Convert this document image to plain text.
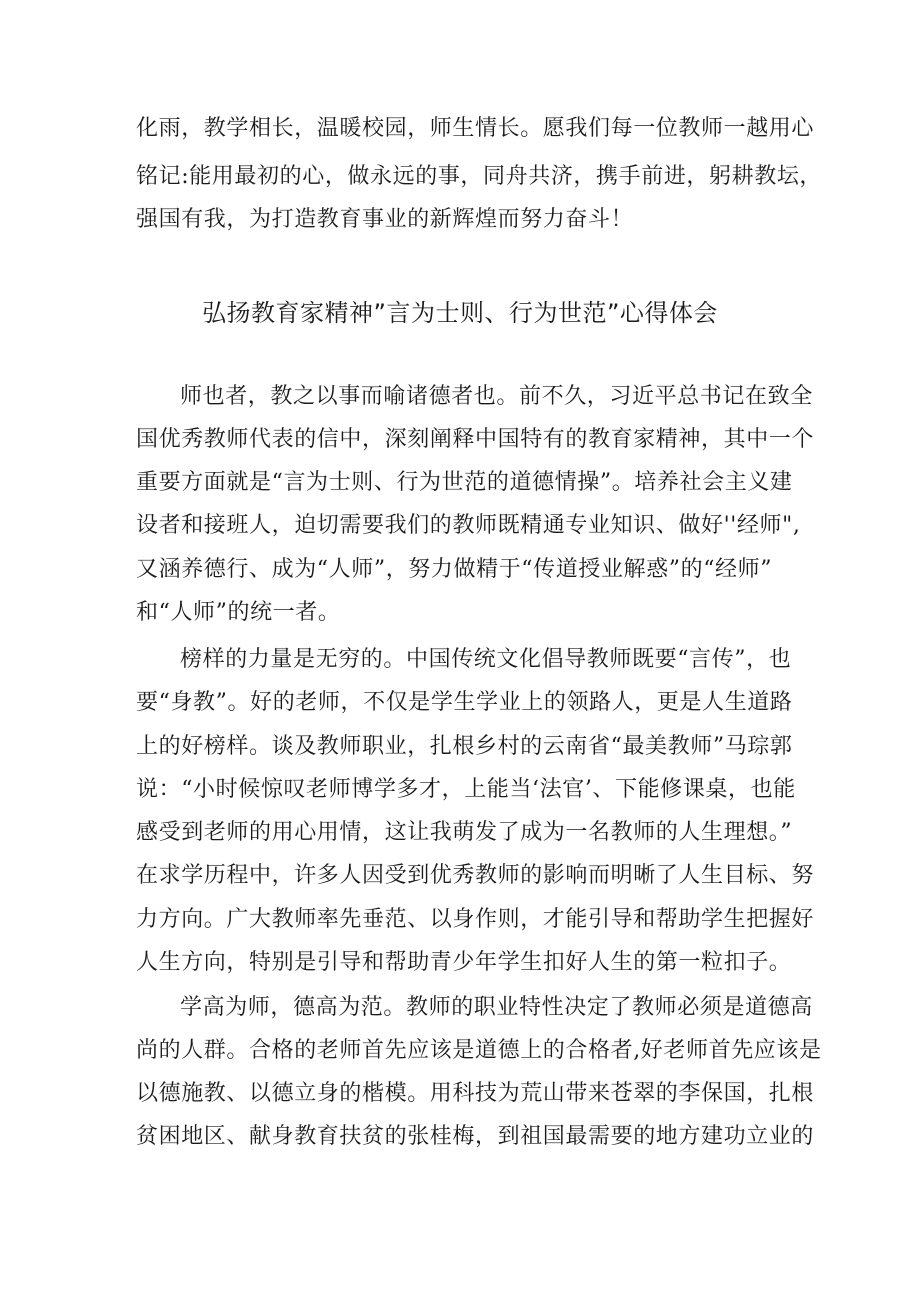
化雨，教学相长，温暖校园，师生情长。愿我们每一位教师一越用心
铭记:能用最初的心，做永远的事，同舟共济，携手前进，躬耕教坛，
强国有我，为打造教育事业的新辉煌而努力奋斗！
弘扬教育家精神”言为士则、行为世范”心得体会
师也者，教之以事而喻诸德者也。前不久，习近平总书记在致全
国优秀教师代表的信中，深刻阐释中国特有的教育家精神，其中一个
重要方面就是“言为士则、行为世范的道德情操”。培养社会主义建
设者和接班人，迫切需要我们的教师既精通专业知识、做好''经师",
又涵养德行、成为“人师”，努力做精于“传道授业解惑”的“经师”
和“人师”的统一者。
榜样的力量是无穷的。中国传统文化倡导教师既要“言传”，也
要“身教”。好的老师，不仅是学生学业上的领路人，更是人生道路
上的好榜样。谈及教师职业，扎根乡村的云南省“最美教师”马琮郭
说：“小时候惊叹老师博学多才，上能当‘法官’、下能修课桌，也能
感受到老师的用心用情，这让我萌发了成为一名教师的人生理想。”
在求学历程中，许多人因受到优秀教师的影响而明晰了人生目标、努
力方向。广大教师率先垂范、以身作则，才能引导和帮助学生把握好
人生方向，特别是引导和帮助青少年学生扣好人生的第一粒扣子。
学高为师，德高为范。教师的职业特性决定了教师必须是道德高
尚的人群。合格的老师首先应该是道德上的合格者,好老师首先应该是
以德施教、以德立身的楷模。用科技为荒山带来苍翠的李保国，扎根
贫困地区、献身教育扶贫的张桂梅，到祖国最需要的地方建功立业的
